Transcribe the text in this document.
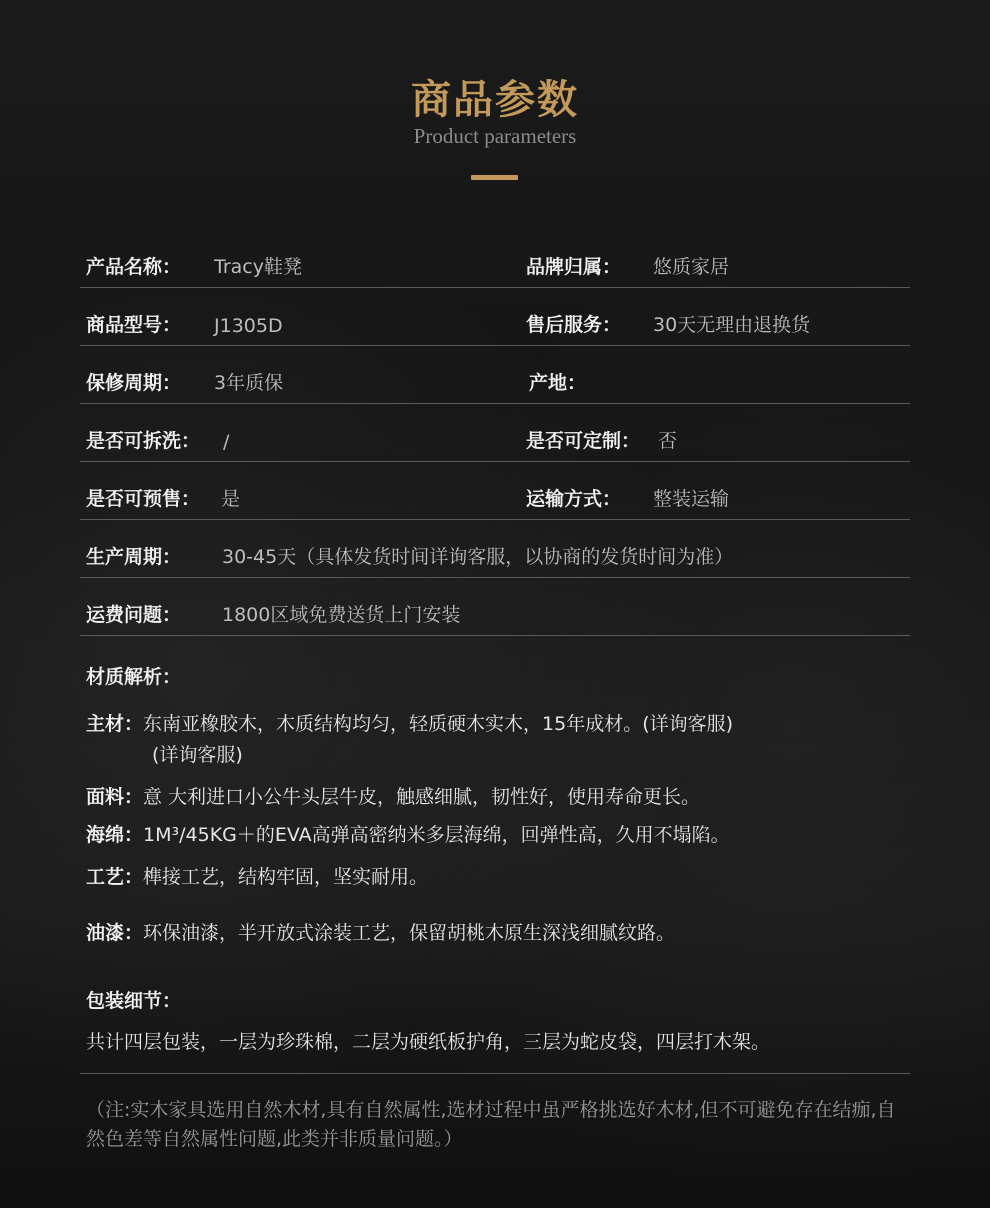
商品参数
Product parameters
产品名称： Tracy鞋凳	品牌归属： 悠质家居
商品型号： J1305D	售后服务： 30天无理由退换货
保修周期： 3年质保	产地：
是否可拆洗： /	是否可定制： 否
是否可预售： 是	运输方式： 整装运输
生产周期： 30-45天（具体发货时间详询客服，以协商的发货时间为准）
运费问题： 1800区域免费送货上门安装
材质解析：
主材：东南亚橡胶木，木质结构均匀，轻质硬木实木，15年成材。(详询客服)
(详询客服)
面料：意 大利进口小公牛头层牛皮，触感细腻，韧性好，使用寿命更长。
海绵：1M³/45KG＋的EVA高弹高密纳米多层海绵，回弹性高，久用不塌陷。
工艺：榫接工艺，结构牢固，坚实耐用。
油漆：环保油漆，半开放式涂装工艺，保留胡桃木原生深浅细腻纹路。
包装细节：
共计四层包装，一层为珍珠棉，二层为硬纸板护角，三层为蛇皮袋，四层打木架。
（注:实木家具选用自然木材,具有自然属性,选材过程中虽严格挑选好木材,但不可避免存在结痂,自然色差等自然属性问题,此类并非质量问题。）
